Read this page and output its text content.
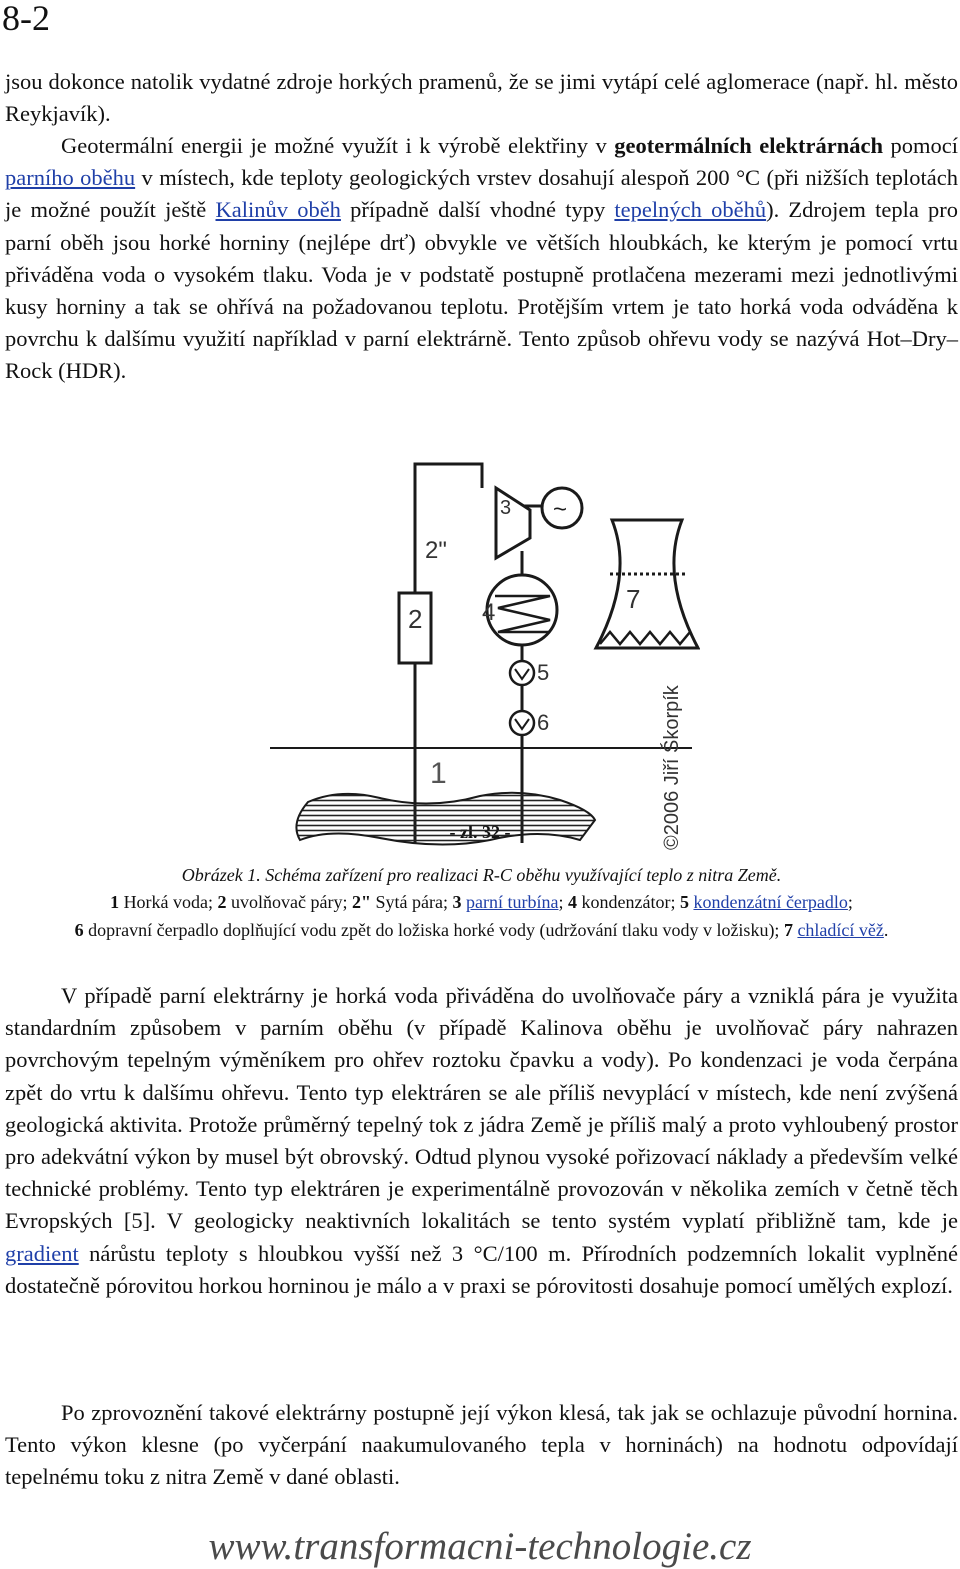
8-2

jsou dokonce natolik vydatné zdroje horkých pramenů, že se jimi vytápí celé aglomerace (např. hl. město Reykjavík).

Geotermální energii je možné využít i k výrobě elektřiny v geotermálních elektrárnách pomocí parního oběhu v místech, kde teploty geologických vrstev dosahují alespoň 200 °C (při nižších teplotách je možné použít ještě Kalinův oběh případně další vhodné typy tepelných oběhů). Zdrojem tepla pro parní oběh jsou horké horniny (nejlépe drť) obvykle ve větších hloubkách, ke kterým je pomocí vrtu přiváděna voda o vysokém tlaku. Voda je v podstatě postupně protlačena mezerami mezi jednotlivými kusy horniny a tak se ohřívá na požadovanou teplotu. Protějším vrtem je tato horká voda odváděna k povrchu k dalšímu využití například v parní elektrárně. Tento způsob ohřevu vody se nazývá Hot–Dry–Rock (HDR).

~
1
2
2"
3
4
5
6
7
©2006 Jiří Škorpík

Obrázek 1. Schéma zařízení pro realizaci R-C oběhu využívající teplo z nitra Země.

1 Horká voda; 2 uvolňovač páry; 2" Sytá pára; 3 parní turbína; 4 kondenzátor; 5 kondenzátní čerpadlo;
6 dopravní čerpadlo doplňující vodu zpět do ložiska horké vody (udržování tlaku vody v ložisku); 7 chladící věž.

V případě parní elektrárny je horká voda přiváděna do uvolňovače páry a vzniklá pára je využita standardním způsobem v parním oběhu (v případě Kalinova oběhu je uvolňovač páry nahrazen povrchovým tepelným výměníkem pro ohřev roztoku čpavku a vody). Po kondenzaci je voda čerpána zpět do vrtu k dalšímu ohřevu. Tento typ elektráren se ale příliš nevyplácí v místech, kde není zvýšená geologická aktivita. Protože průměrný tepelný tok z jádra Země je příliš malý a proto vyhloubený prostor pro adekvátní výkon by musel být obrovský. Odtud plynou vysoké pořizovací náklady a především velké technické problémy. Tento typ elektráren je experimentálně provozován v několika zemích v četně těch Evropských [5]. V geologicky neaktivních lokalitách se tento systém vyplatí přibližně tam, kde je gradient nárůstu teploty s hloubkou vyšší než 3 °C/100 m. Přírodních podzemních lokalit vyplněné dostatečně pórovitou horkou horninou je málo a v praxi se pórovitosti dosahuje pomocí umělých explozí.

Po zprovoznění takové elektrárny postupně její výkon klesá, tak jak se ochlazuje původní hornina. Tento výkon klesne (po vyčerpání naakumulovaného tepla v horninách) na hodnotu odpovídají tepelnému toku z nitra Země v dané oblasti.

www.transformacni-technologie.cz
